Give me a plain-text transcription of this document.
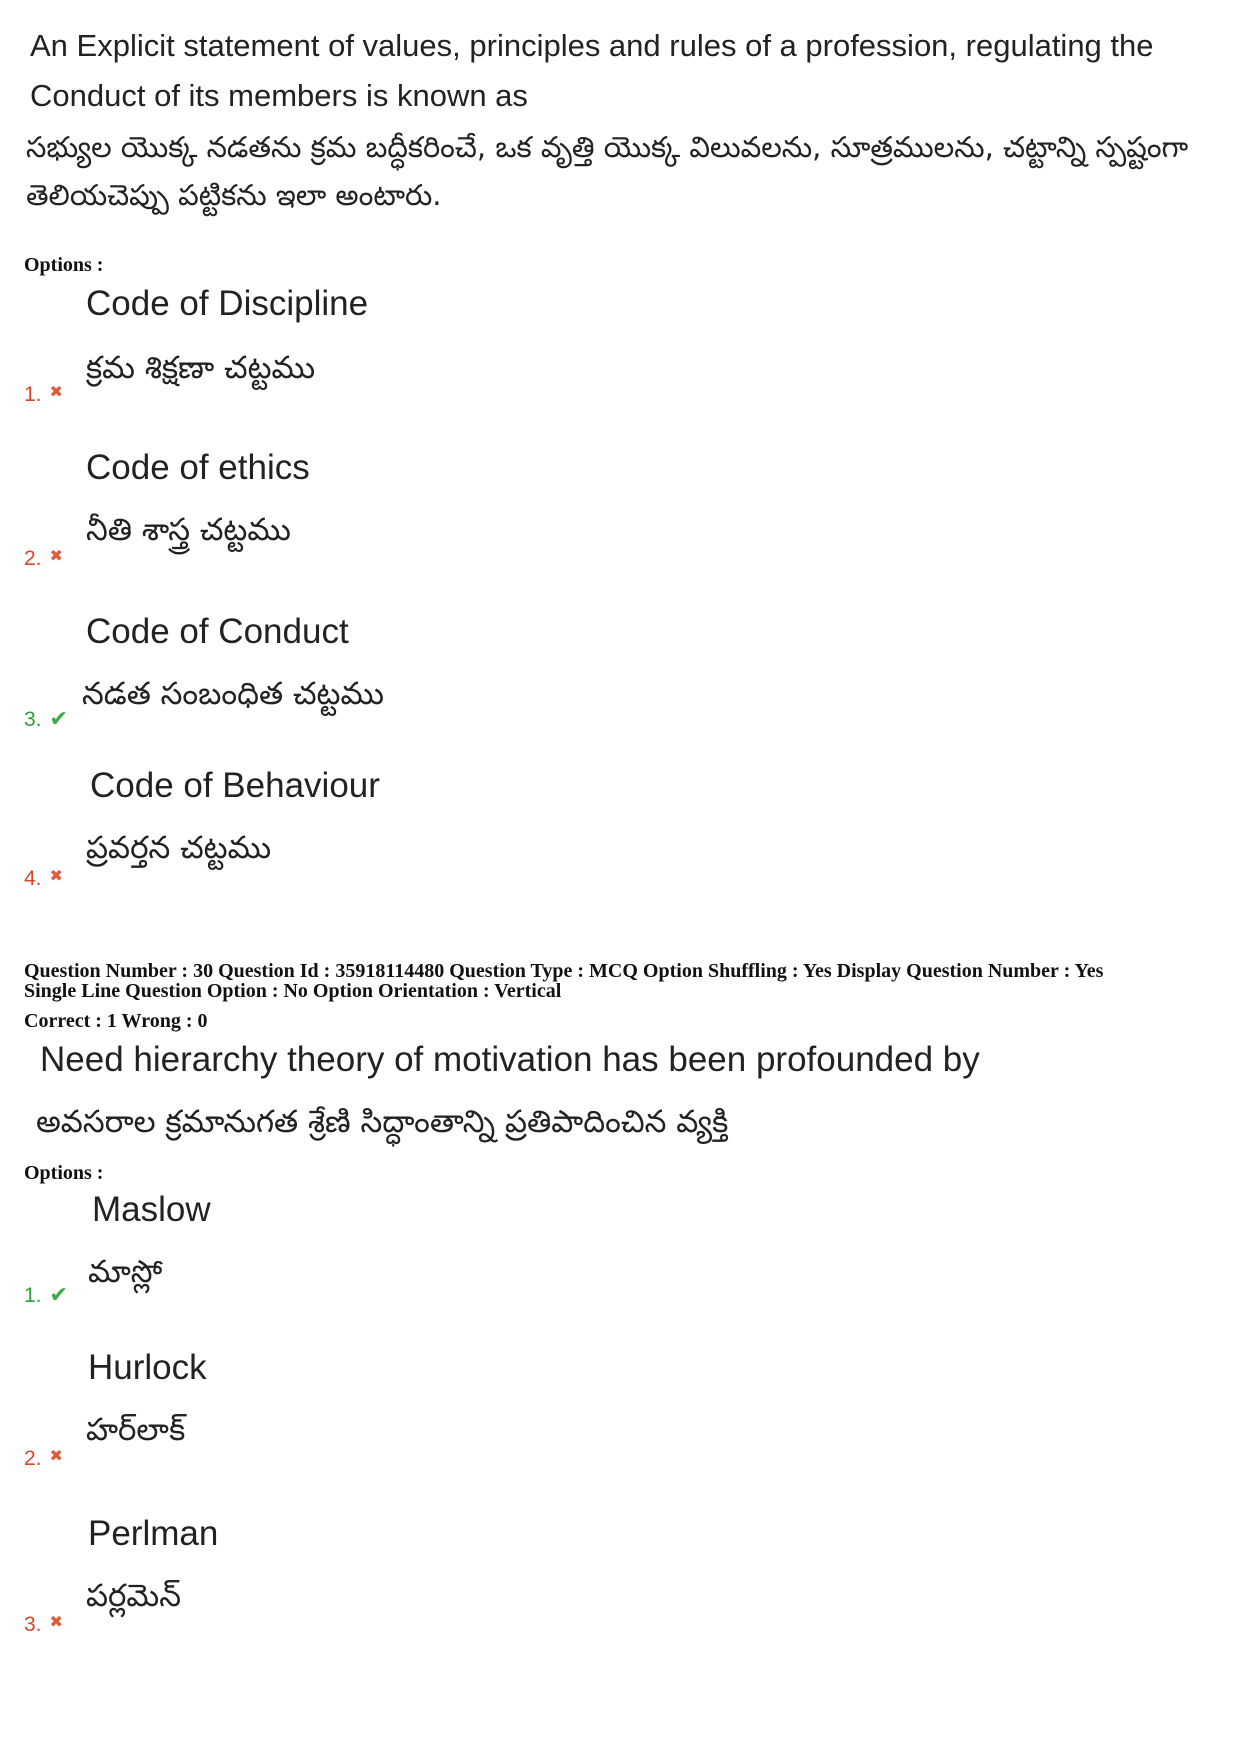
An Explicit statement of values, principles and rules of a profession, regulating the
Conduct of its members is known as
సభ్యుల యొక్క నడతను క్రమ బద్ధీకరించే, ఒక వృత్తి యొక్క విలువలను, సూత్రములను, చట్టాన్ని స్పష్టంగా
తెలియచెప్పు పట్టికను ఇలా అంటారు.
Options :
Code of Discipline
క్రమ శిక్షణా చట్టము
1. ✖
Code of ethics
నీతి శాస్త్ర చట్టము
2. ✖
Code of Conduct
నడత సంబంధిత చట్టము
3. ✔
Code of Behaviour
ప్రవర్తన చట్టము
4. ✖
Question Number : 30 Question Id : 35918114480 Question Type : MCQ Option Shuffling : Yes Display Question Number : Yes
Single Line Question Option : No Option Orientation : Vertical
Correct : 1 Wrong : 0
Need hierarchy theory of motivation has been profounded by
అవసరాల క్రమానుగత శ్రేణి సిద్ధాంతాన్ని ప్రతిపాదించిన వ్యక్తి
Options :
Maslow
మాస్లో
1. ✔
Hurlock
హర్‌లాక్
2. ✖
Perlman
పర్లమెన్
3. ✖
